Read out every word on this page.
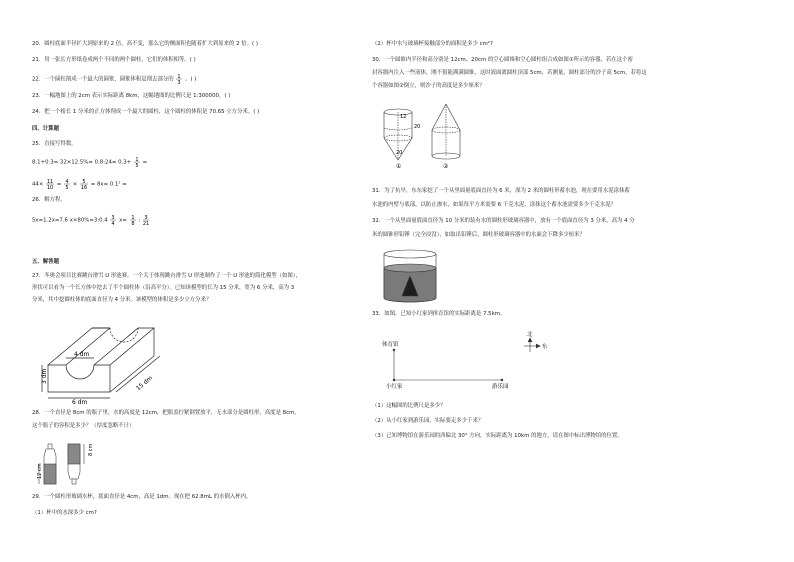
20．圆柱底面半径扩大到原来的 2 倍，高不变，那么它的侧面积也随着扩大到原来的 2 倍。( )
21．用一张长方形纸卷成两个不同的两个圆柱，它们的体积相等。( )
22．一个圆柱削成一个最大的圆锥，圆锥体积是削去部分的 1
3
。( )
23．一幅地图上的 2cm 表示实际距离 8km，这幅地图的比例尺是 1:300000。( )
24．把一个棱长 1 分米的正方体削成一个最大的圆柱，这个圆柱的体积是 70.65 立方分米。( )
四、计算题
25．直接写得数。
8.1+0.3= 32×12.5%= 0.8:24= 0.3+ 1
5
=
44× 11
10
= 4
5
× 5
16
= 8x= 0.1² =
26．解方程。
5x=1.2x=7.6 x×80%=3:0.4 3
4
x= 1
8
: 3
21
五、解答题
27．冬奥会项目比赛跳台滑雪 U 形池赛。一个关于体现跳台滑雪 U 形池制作了一个 U 形池的简化模型（如图），
形状可以看为一个长方体中挖去了半个圆柱体（沿高平分）。已知该模型的长为 15 分米，宽为 6 分米，高为 3
分米，其中挖圆柱体的底面直径为 4 分米。该模型的体积是多少立方分米？
4 dm
3 dm
6 dm
15 dm
28．一个直径是 8cm 的瓶子里，水的高度是 12cm，把瓶盖拧紧倒置放平，无水部分是圆柱形，高度是 8cm，
这个瓶子的容积是多少？（厚度忽略不计）
12 cm
8 cm
29．一个圆柱形玻璃水杯，底面直径是 4cm，高是 1dm。现在把 62.8mL 的水倒入杯内。
（1）杯中的水深多少 cm?
（2）杯中水与玻璃杯接触部分的面积是多少 cm²?
30．一个圆锥内半径和高分别是 12cm、20cm 的空心圆锥和空心圆柱组合成如图①所示的容器，若在这个密
封容器内注入一些液体，刚不很能满满圆锥，这时液面离圆柱顶部 5cm，若测量，圆柱部分的沙子高 5cm，若将这
个容器如图②倒立，则沙子的高度是多少厘米？
12
20
20
①	②
31．为了抗旱，东东家挖了一个从里面量底面直径为 6 米，深为 2 米的圆柱形蓄水池，现在要用水泥涂抹蓄
水池的内壁与底部，以防止渗水，如果每平方米需要 6 千克水泥，涂抹这个蓄水池需要多少千克水泥？
32．一个从里面量底面直径为 10 分米的装有水的圆柱形玻璃容器中，放有一个底面直径为 3 分米，高为 4 分
米的圆锥形铅锤（完全浸没），如取出铅锤后，圆柱形玻璃容器中的水面会下降多少厘米？
33．如图，已知小红家到体育馆的实际距离是 7.5km。
体育馆
小红家	游乐园
北
东
（1）这幅图的比例尺是多少？
（2）从小红家到游乐园，实际要走多少千米？
（3）已知博物馆在游乐园的西偏北 30° 方向，实际距离为 10km 的地方，请在图中标出博物馆的位置。
